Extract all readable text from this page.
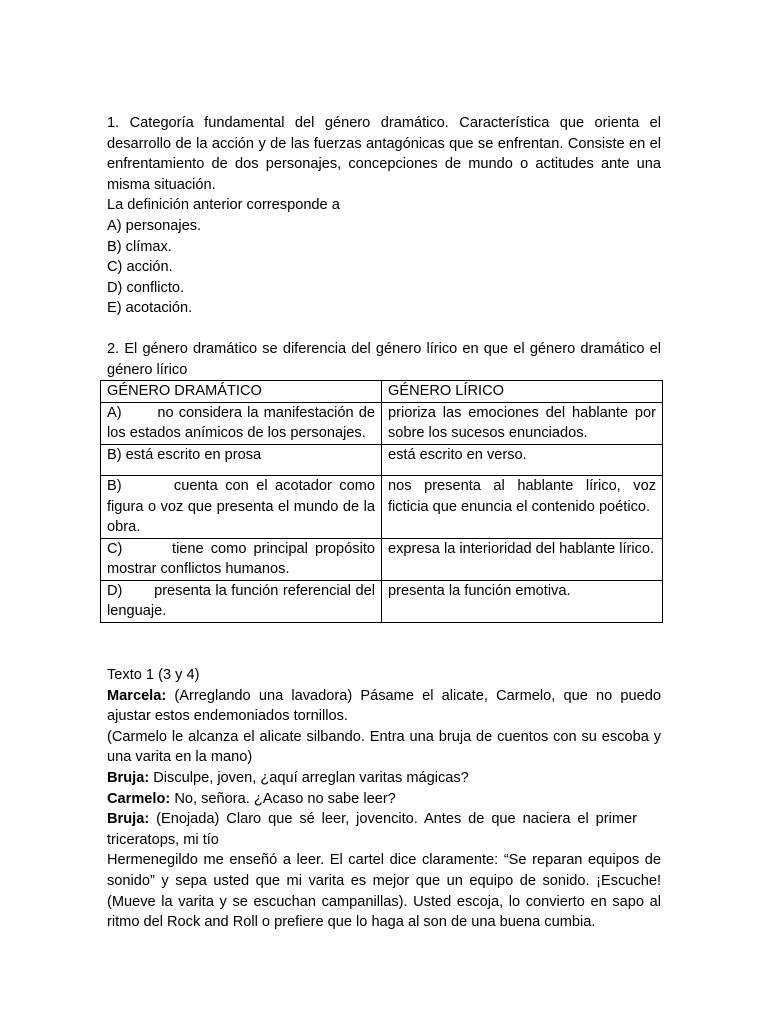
1. Categoría fundamental del género dramático. Característica que orienta el

desarrollo de la acción y de las fuerzas antagónicas que se enfrentan. Consiste en el

enfrentamiento de dos personajes, concepciones de mundo o actitudes ante una

misma situación.

La definición anterior corresponde a

A) personajes.

B) clímax.

C) acción.

D) conflicto.

E) acotación.

2. El género dramático se diferencia del género lírico en que el género dramático el

género lírico

GÉNERO DRAMÁTICO	GÉNERO LÍRICO
A)       no considera la manifestación de los estados anímicos de los personajes.	prioriza las emociones del hablante por sobre los sucesos enunciados.
B) está escrito en prosa	está escrito en verso.
B)       cuenta con el acotador como figura o voz que presenta el mundo de la obra.	nos presenta al hablante lírico, voz ficticia que enuncia el contenido poético.
C)       tiene como principal propósito mostrar conflictos humanos.	expresa la interioridad del hablante lírico.
D)       presenta la función referencial del lenguaje.	presenta la función emotiva.

Texto 1 (3 y 4)

Marcela: (Arreglando una lavadora) Pásame el alicate, Carmelo, que no puedo ajustar estos endemoniados tornillos.

(Carmelo le alcanza el alicate silbando. Entra una bruja de cuentos con su escoba y una varita en la mano)

Bruja: Disculpe, joven, ¿aquí arreglan varitas mágicas?

Carmelo: No, señora. ¿Acaso no sabe leer?

Bruja: (Enojada) Claro que sé leer, jovencito. Antes de que naciera el primer triceratops, mi tío

Hermenegildo me enseñó a leer. El cartel dice claramente: “Se reparan equipos de sonido” y sepa usted que mi varita es mejor que un equipo de sonido. ¡Escuche! (Mueve la varita y se escuchan campanillas). Usted escoja, lo convierto en sapo al ritmo del Rock and Roll o prefiere que lo haga al son de una buena cumbia.
